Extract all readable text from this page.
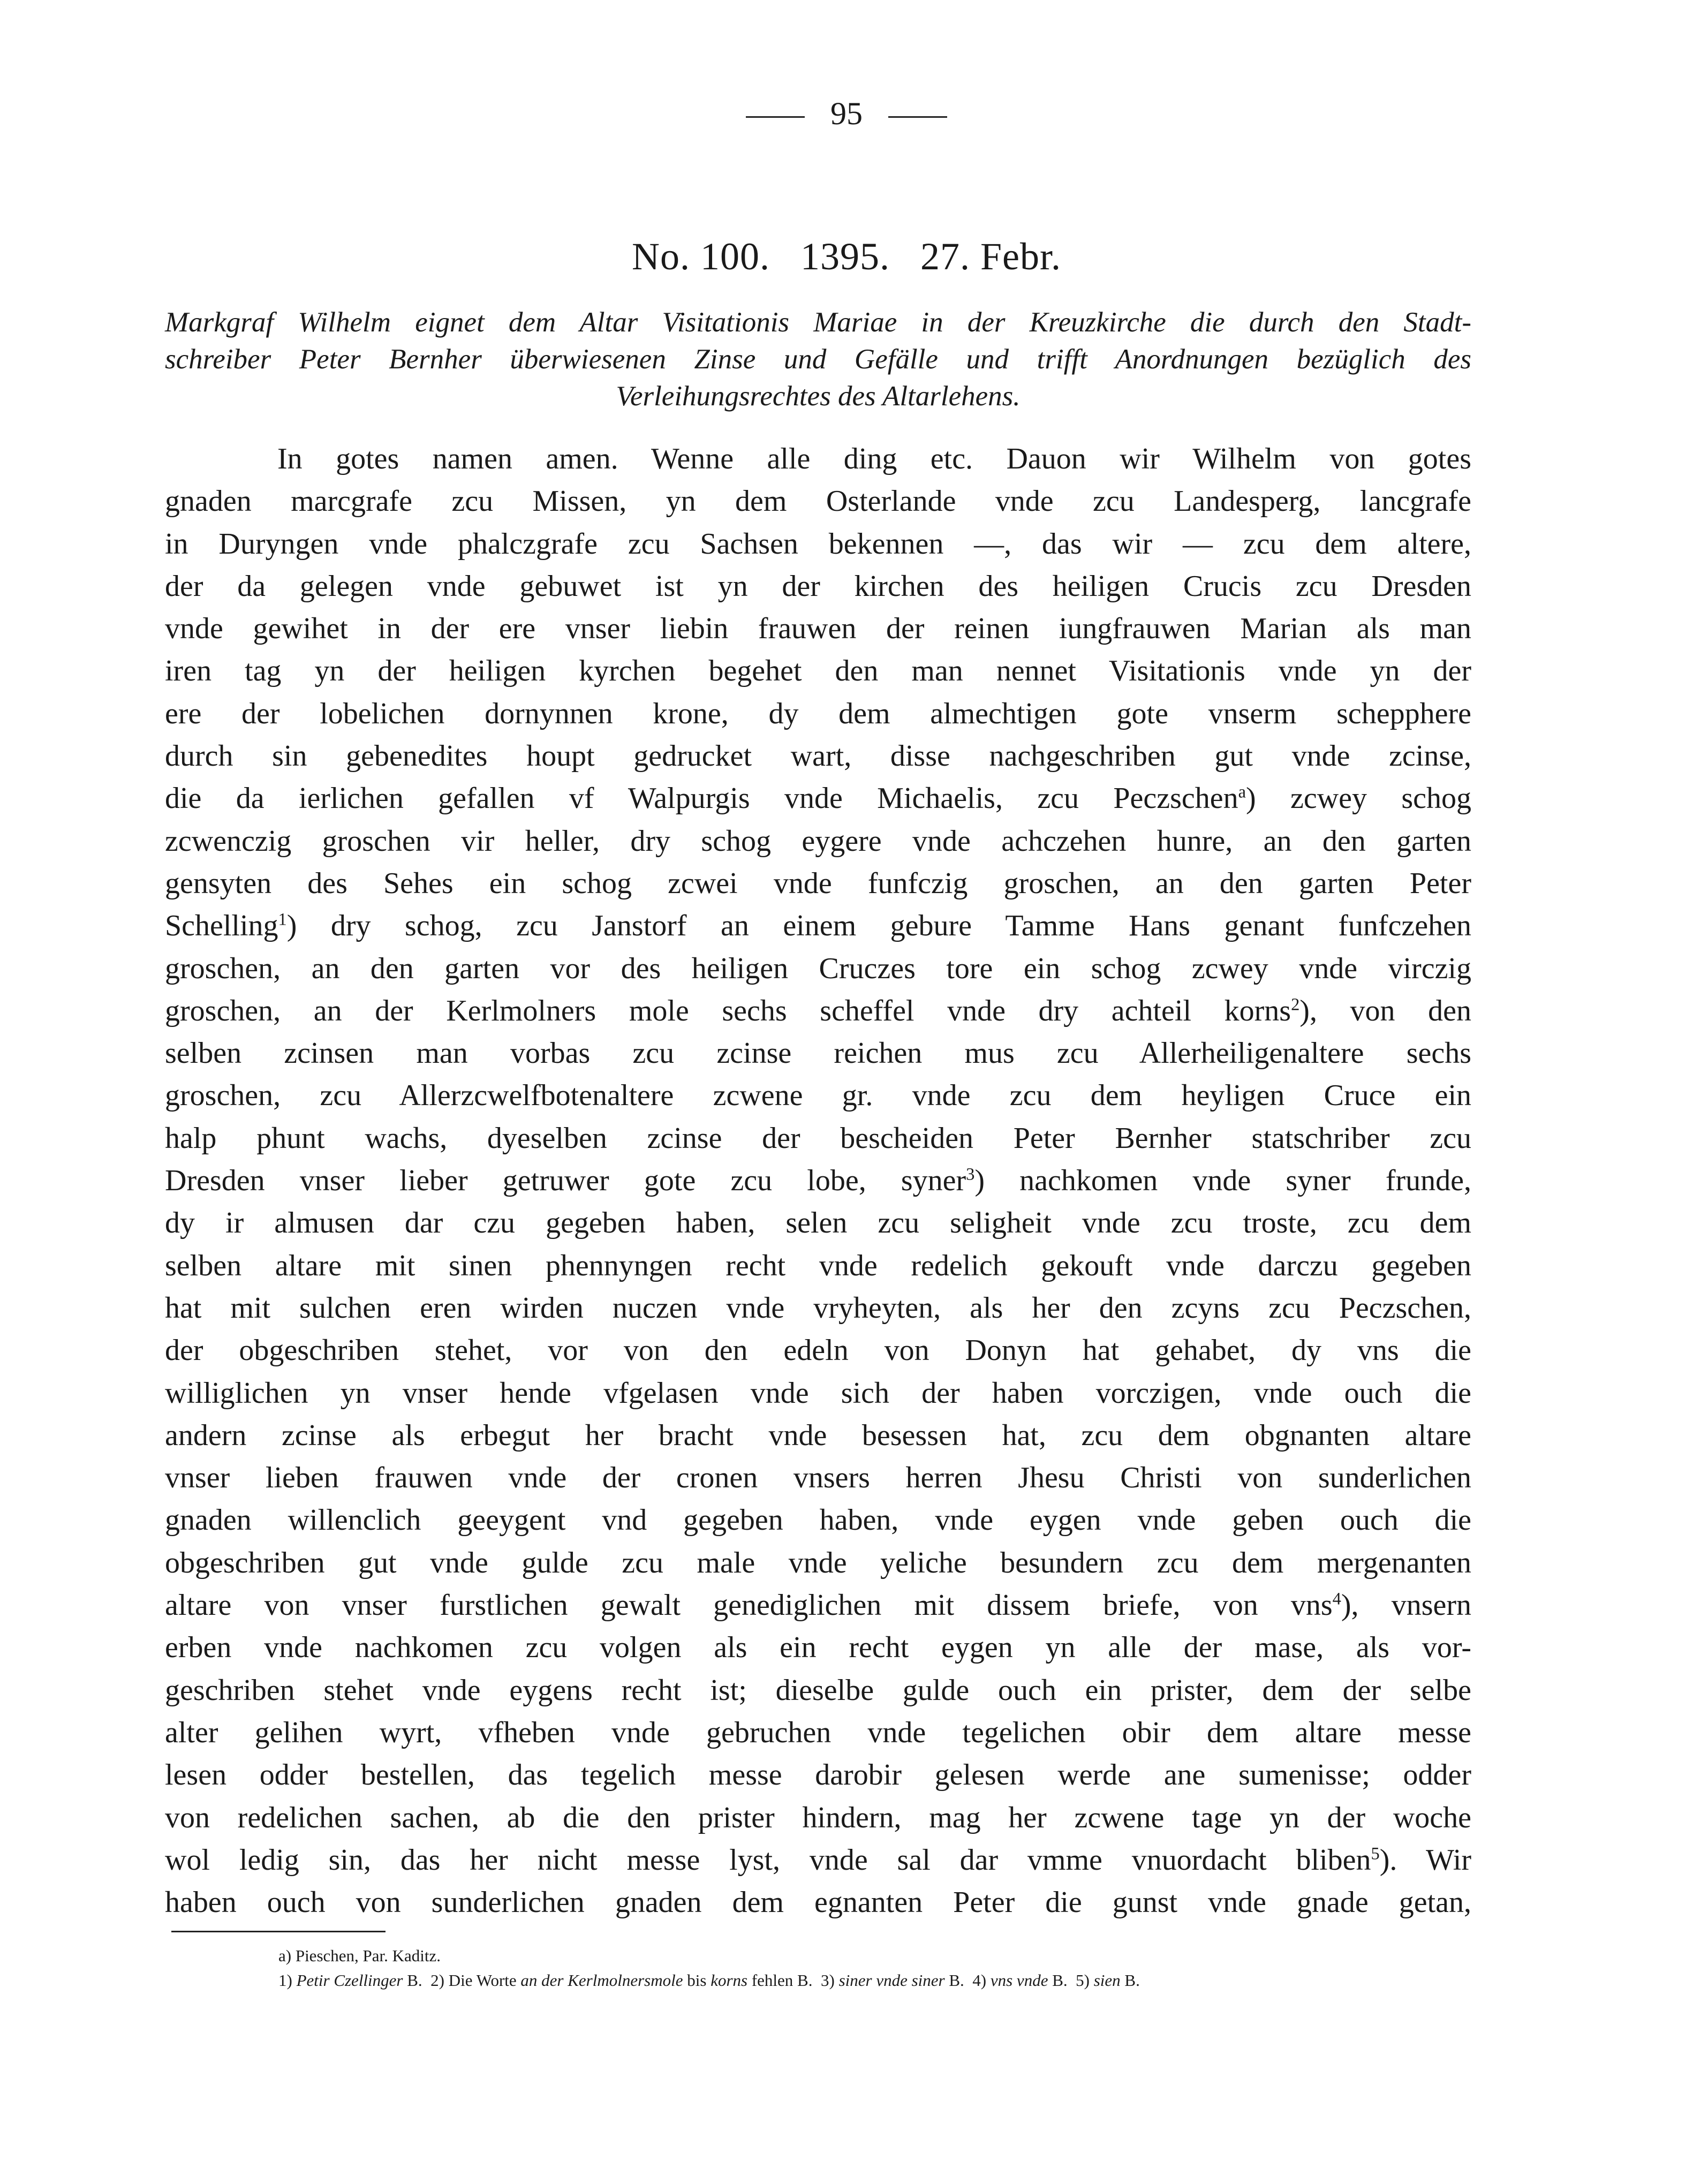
95
No. 100. 1395. 27. Febr.
Markgraf Wilhelm eignet dem Altar Visitationis Mariae in der Kreuzkirche die durch den Stadt-
schreiber Peter Bernher überwiesenen Zinse und Gefälle und trifft Anordnungen bezüglich des
Verleihungsrechtes des Altarlehens.
In gotes namen amen. Wenne alle ding etc. Dauon wir Wilhelm von gotes
gnaden marcgrafe zcu Missen, yn dem Osterlande vnde zcu Landesperg, lancgrafe
in Duryngen vnde phalczgrafe zcu Sachsen bekennen —, das wir — zcu dem altere,
der da gelegen vnde gebuwet ist yn der kirchen des heiligen Crucis zcu Dresden
vnde gewihet in der ere vnser liebin frauwen der reinen iungfrauwen Marian als man
iren tag yn der heiligen kyrchen begehet den man nennet Visitationis vnde yn der
ere der lobelichen dornynnen krone, dy dem almechtigen gote vnserm schepphere
durch sin gebenedites houpt gedrucket wart, disse nachgeschriben gut vnde zcinse,
die da ierlichen gefallen vf Walpurgis vnde Michaelis, zcu Peczschen$^a$) zcwey schog
zcwenczig groschen vir heller, dry schog eygere vnde achczehen hunre, an den garten
gensyten des Sehes ein schog zcwei vnde funfczig groschen, an den garten Peter
Schelling$^1$) dry schog, zcu Janstorf an einem gebure Tamme Hans genant funfczehen
groschen, an den garten vor des heiligen Cruczes tore ein schog zcwey vnde virczig
groschen, an der Kerlmolners mole sechs scheffel vnde dry achteil korns$^2$), von den
selben zcinsen man vorbas zcu zcinse reichen mus zcu Allerheiligenaltere sechs
groschen, zcu Allerzcwelfbotenaltere zcwene gr. vnde zcu dem heyligen Cruce ein
halp phunt wachs, dyeselben zcinse der bescheiden Peter Bernher statschriber zcu
Dresden vnser lieber getruwer gote zcu lobe, syner$^3$) nachkomen vnde syner frunde,
dy ir almusen dar czu gegeben haben, selen zcu seligheit vnde zcu troste, zcu dem
selben altare mit sinen phennyngen recht vnde redelich gekouft vnde darczu gegeben
hat mit sulchen eren wirden nuczen vnde vryheyten, als her den zcyns zcu Peczschen,
der obgeschriben stehet, vor von den edeln von Donyn hat gehabet, dy vns die
williglichen yn vnser hende vfgelasen vnde sich der haben vorczigen, vnde ouch die
andern zcinse als erbegut her bracht vnde besessen hat, zcu dem obgnanten altare
vnser lieben frauwen vnde der cronen vnsers herren Jhesu Christi von sunderlichen
gnaden willenclich geeygent vnd gegeben haben, vnde eygen vnde geben ouch die
obgeschriben gut vnde gulde zcu male vnde yeliche besundern zcu dem mergenanten
altare von vnser furstlichen gewalt genediglichen mit dissem briefe, von vns$^4$), vnsern
erben vnde nachkomen zcu volgen als ein recht eygen yn alle der mase, als vor-
geschriben stehet vnde eygens recht ist; dieselbe gulde ouch ein prister, dem der selbe
alter gelihen wyrt, vfheben vnde gebruchen vnde tegelichen obir dem altare messe
lesen odder bestellen, das tegelich messe darobir gelesen werde ane sumenisse; odder
von redelichen sachen, ab die den prister hindern, mag her zcwene tage yn der woche
wol ledig sin, das her nicht messe lyst, vnde sal dar vmme vnuordacht bliben$^5$). Wir
haben ouch von sunderlichen gnaden dem egnanten Peter die gunst vnde gnade getan,
a) Pieschen, Par. Kaditz.
1) Petir Czellinger B. 2) Die Worte an der Kerlmolnersmole bis korns fehlen B. 3) siner vnde siner B. 4) vns vnde B. 5) sien B.
